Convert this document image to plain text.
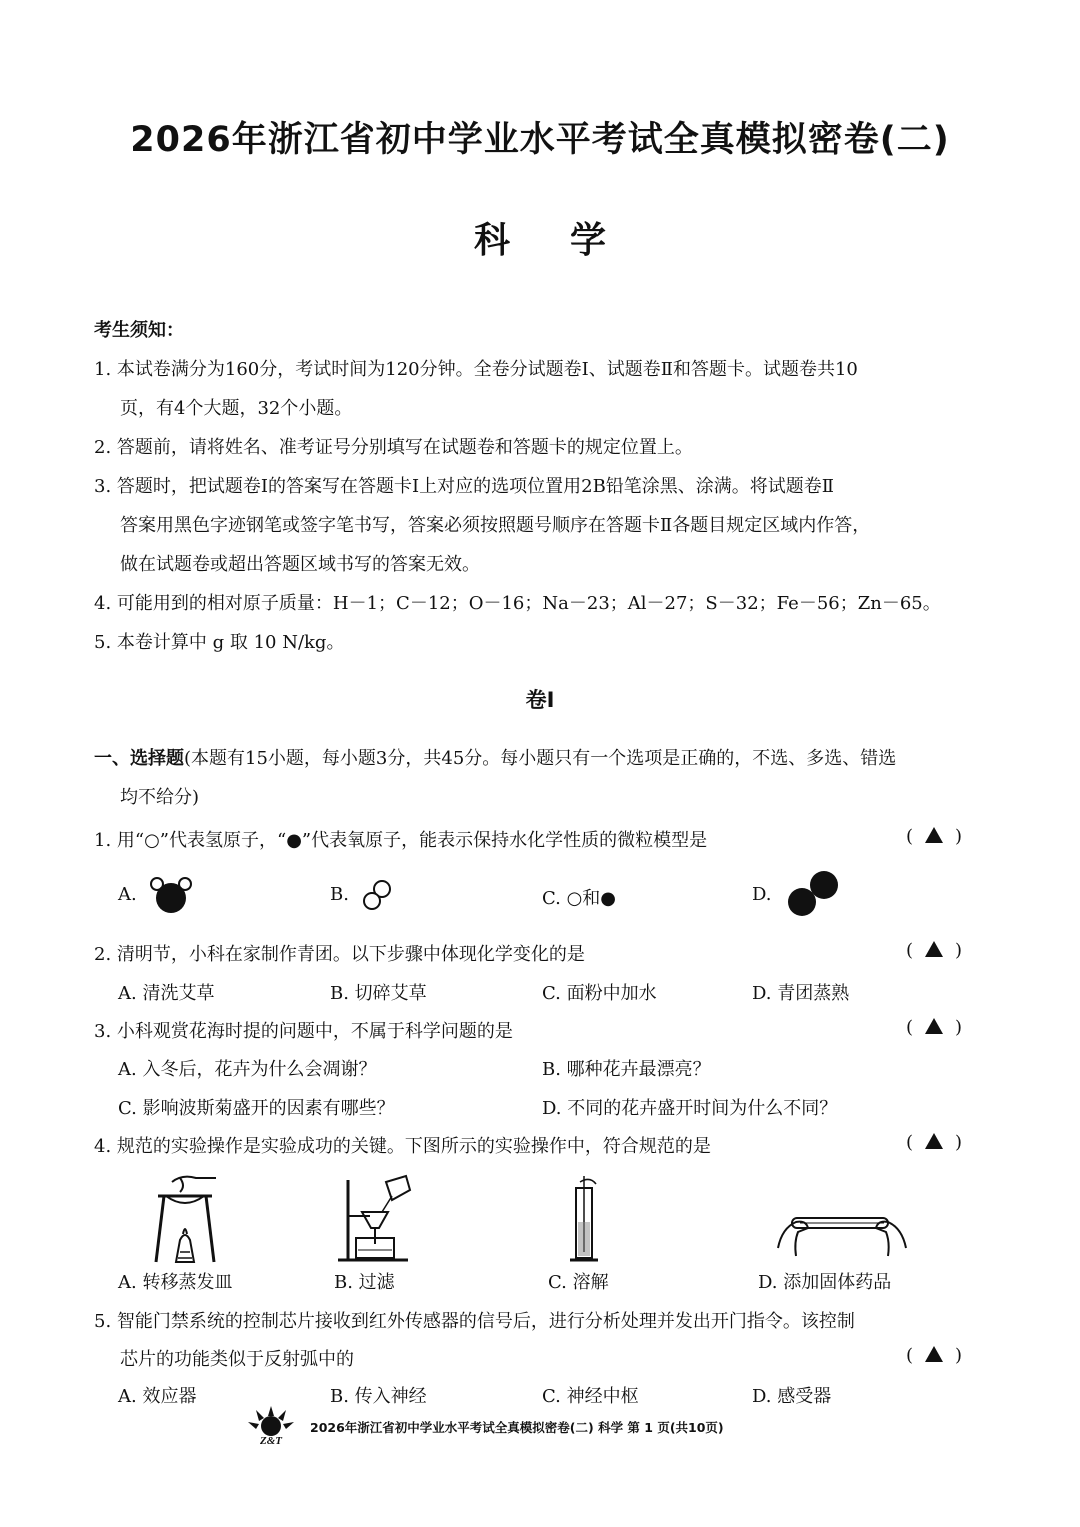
2026年浙江省初中学业水平考试全真模拟密卷(二)
科学
考生须知：
1. 本试卷满分为160分，考试时间为120分钟。全卷分试题卷Ⅰ、试题卷Ⅱ和答题卡。试题卷共10
页，有4个大题，32个小题。
2. 答题前，请将姓名、准考证号分别填写在试题卷和答题卡的规定位置上。
3. 答题时，把试题卷Ⅰ的答案写在答题卡Ⅰ上对应的选项位置用2B铅笔涂黑、涂满。将试题卷Ⅱ
答案用黑色字迹钢笔或签字笔书写，答案必须按照题号顺序在答题卡Ⅱ各题目规定区域内作答，
做在试题卷或超出答题区域书写的答案无效。
4. 可能用到的相对原子质量：H－1；C－12；O－16；Na－23；Al－27；S－32；Fe－56；Zn－65。
5. 本卷计算中 g 取 10 N/kg。
卷Ⅰ
一、选择题(本题有15小题，每小题3分，共45分。每小题只有一个选项是正确的，不选、多选、错选
均不给分)
1. 用“○”代表氢原子，“●”代表氧原子，能表示保持水化学性质的微粒模型是	( )
A.	B.	C. ○和●	D.
2. 清明节，小科在家制作青团。以下步骤中体现化学变化的是	( )
A. 清洗艾草	B. 切碎艾草	C. 面粉中加水	D. 青团蒸熟
3. 小科观赏花海时提的问题中，不属于科学问题的是	( )
A. 入冬后，花卉为什么会凋谢？	B. 哪种花卉最漂亮？
C. 影响波斯菊盛开的因素有哪些？	D. 不同的花卉盛开时间为什么不同？
4. 规范的实验操作是实验成功的关键。下图所示的实验操作中，符合规范的是	( )
A. 转移蒸发皿	B. 过滤	C. 溶解	D. 添加固体药品
5. 智能门禁系统的控制芯片接收到红外传感器的信号后，进行分析处理并发出开门指令。该控制
芯片的功能类似于反射弧中的	( )
A. 效应器	B. 传入神经	C. 神经中枢	D. 感受器
Z&T
2026年浙江省初中学业水平考试全真模拟密卷(二) 科学 第 1 页(共10页)
